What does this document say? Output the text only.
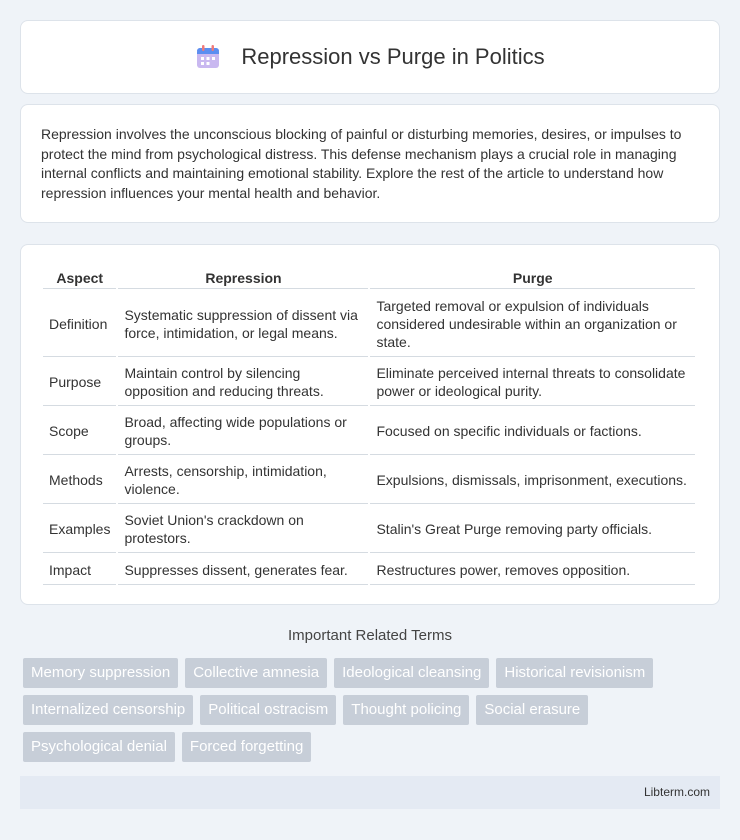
Repression vs Purge in Politics

Repression involves the unconscious blocking of painful or disturbing memories, desires, or impulses to protect the mind from psychological distress. This defense mechanism plays a crucial role in managing internal conflicts and maintaining emotional stability. Explore the rest of the article to understand how repression influences your mental health and behavior.

Aspect	Repression	Purge
Definition	Systematic suppression of dissent via force, intimidation, or legal means.	Targeted removal or expulsion of individuals considered undesirable within an organization or state.
Purpose	Maintain control by silencing opposition and reducing threats.	Eliminate perceived internal threats to consolidate power or ideological purity.
Scope	Broad, affecting wide populations or groups.	Focused on specific individuals or factions.
Methods	Arrests, censorship, intimidation, violence.	Expulsions, dismissals, imprisonment, executions.
Examples	Soviet Union's crackdown on protestors.	Stalin's Great Purge removing party officials.
Impact	Suppresses dissent, generates fear.	Restructures power, removes opposition.
Important Related Terms
Memory suppression	Collective amnesia	Ideological cleansing	Historical revisionism
Internalized censorship	Political ostracism	Thought policing	Social erasure
Psychological denial	Forced forgetting
Libterm.com
